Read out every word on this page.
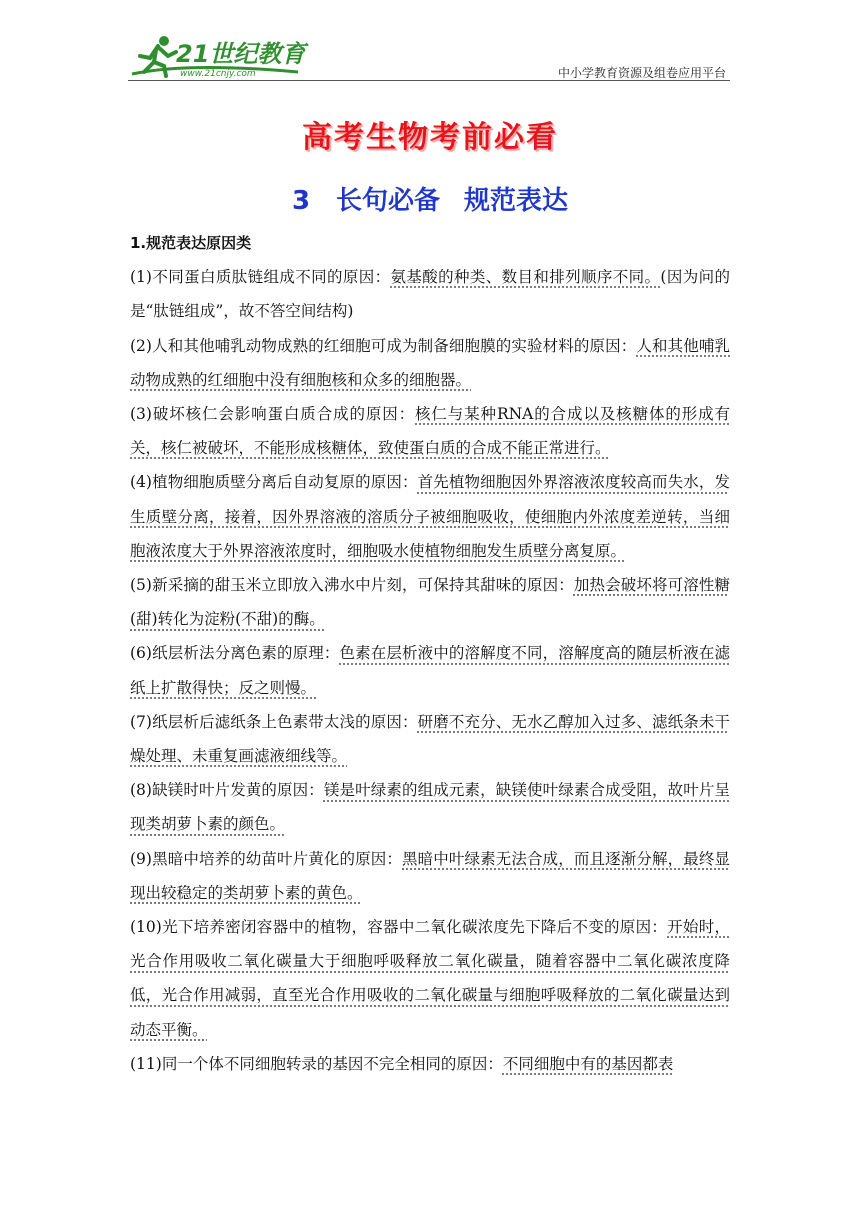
21世纪教育
www.21cnjy.com	中小学教育资源及组卷应用平台
高考生物考前必看
3 长句必备 规范表达
1.规范表达原因类

(1)不同蛋白质肽链组成不同的原因：氨基酸的种类、数目和排列顺序不同。(因为问的是“肽链组成”，故不答空间结构)

(2)人和其他哺乳动物成熟的红细胞可成为制备细胞膜的实验材料的原因：人和其他哺乳动物成熟的红细胞中没有细胞核和众多的细胞器。

(3)破坏核仁会影响蛋白质合成的原因：核仁与某种RNA的合成以及核糖体的形成有关，核仁被破坏，不能形成核糖体，致使蛋白质的合成不能正常进行。

(4)植物细胞质壁分离后自动复原的原因：首先植物细胞因外界溶液浓度较高而失水，发生质壁分离，接着，因外界溶液的溶质分子被细胞吸收，使细胞内外浓度差逆转，当细胞液浓度大于外界溶液浓度时，细胞吸水使植物细胞发生质壁分离复原。

(5)新采摘的甜玉米立即放入沸水中片刻，可保持其甜味的原因：加热会破坏将可溶性糖(甜)转化为淀粉(不甜)的酶。

(6)纸层析法分离色素的原理：色素在层析液中的溶解度不同，溶解度高的随层析液在滤纸上扩散得快；反之则慢。

(7)纸层析后滤纸条上色素带太浅的原因：研磨不充分、无水乙醇加入过多、滤纸条未干燥处理、未重复画滤液细线等。

(8)缺镁时叶片发黄的原因：镁是叶绿素的组成元素，缺镁使叶绿素合成受阻，故叶片呈现类胡萝卜素的颜色。

(9)黑暗中培养的幼苗叶片黄化的原因：黑暗中叶绿素无法合成，而且逐渐分解，最终显现出较稳定的类胡萝卜素的黄色。

(10)光下培养密闭容器中的植物，容器中二氧化碳浓度先下降后不变的原因：开始时，光合作用吸收二氧化碳量大于细胞呼吸释放二氧化碳量，随着容器中二氧化碳浓度降低，光合作用减弱，直至光合作用吸收的二氧化碳量与细胞呼吸释放的二氧化碳量达到动态平衡。

(11)同一个体不同细胞转录的基因不完全相同的原因：不同细胞中有的基因都表
